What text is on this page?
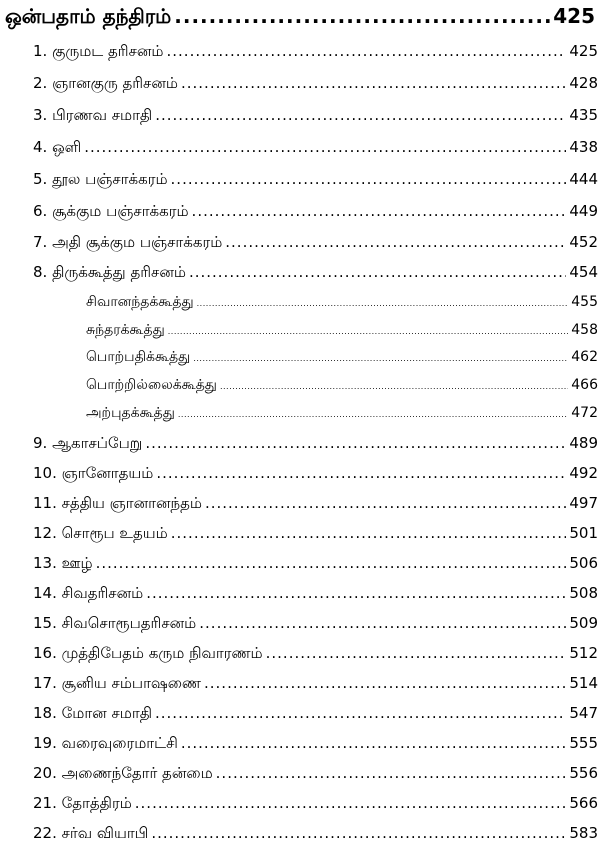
ஒன்பதாம் தந்திரம் .....	425
1. குருமட தரிசனம் .....	425
2. ஞானகுரு தரிசனம் .....	428
3. பிரணவ சமாதி .....	435
4. ஒளி .....	438
5. தூல பஞ்சாக்கரம் .....	444
6. சூக்கும பஞ்சாக்கரம் .....	449
7. அதி சூக்கும பஞ்சாக்கரம் .....	452
8. திருக்கூத்து தரிசனம் .....	454
சிவானந்தக்கூத்து .....	455
சுந்தரக்கூத்து .....	458
பொற்பதிக்கூத்து .....	462
பொற்றில்லைக்கூத்து .....	466
அற்புதக்கூத்து .....	472
9. ஆகாசப்பேறு .....	489
10. ஞானோதயம் .....	492
11. சத்திய ஞானானந்தம் .....	497
12. சொரூப உதயம் .....	501
13. ஊழ் .....	506
14. சிவதரிசனம் .....	508
15. சிவசொரூபதரிசனம் .....	509
16. முத்திபேதம் கரும நிவாரணம் .....	512
17. சூனிய சம்பாஷணை .....	514
18. மோன சமாதி .....	547
19. வரைவுரைமாட்சி .....	555
20. அணைந்தோர் தன்மை .....	556
21. தோத்திரம் .....	566
22. சர்வ வியாபி .....	583
